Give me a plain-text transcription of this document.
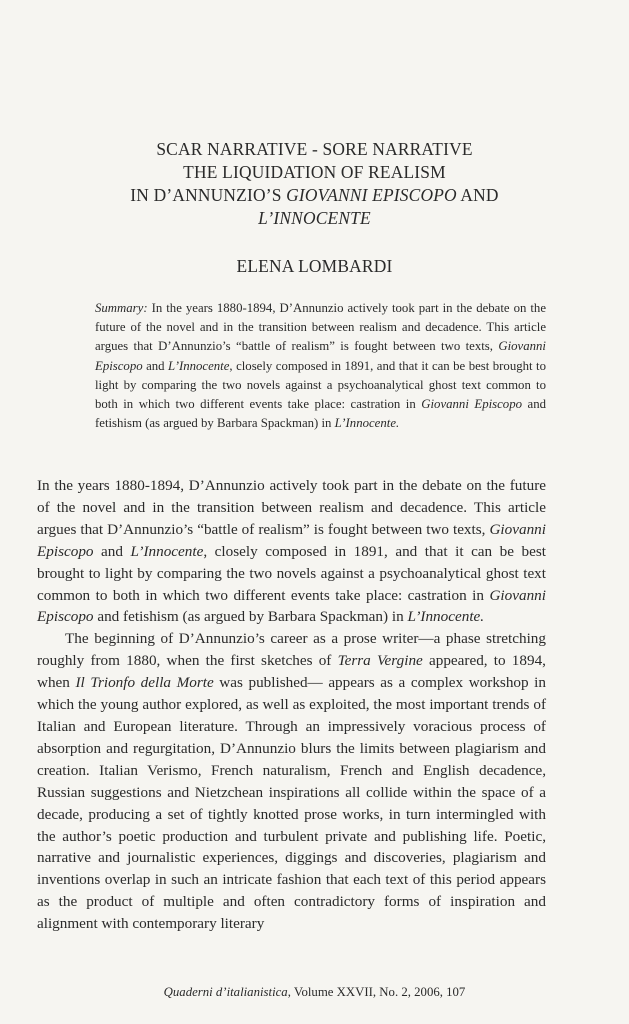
SCAR NARRATIVE - SORE NARRATIVE
THE LIQUIDATION OF REALISM
IN D’ANNUNZIO’S GIOVANNI EPISCOPO AND
L’INNOCENTE
ELENA LOMBARDI
Summary: In the years 1880-1894, D’Annunzio actively took part in the debate on the future of the novel and in the transition between realism and decadence. This article argues that D’Annunzio’s “battle of realism” is fought between two texts, Giovanni Episcopo and L’Innocente, closely composed in 1891, and that it can be best brought to light by comparing the two novels against a psychoanalytical ghost text common to both in which two different events take place: castration in Giovanni Episcopo and fetishism (as argued by Barbara Spackman) in L’Innocente.

In the years 1880-1894, D’Annunzio actively took part in the debate on the future of the novel and in the transition between realism and decadence. This article argues that D’Annunzio’s “battle of realism” is fought between two texts, Giovanni Episcopo and L’Innocente, closely composed in 1891, and that it can be best brought to light by comparing the two novels against a psychoanalytical ghost text common to both in which two different events take place: castration in Giovanni Episcopo and fetishism (as argued by Barbara Spackman) in L’Innocente.

The beginning of D’Annunzio’s career as a prose writer—a phase stretching roughly from 1880, when the first sketches of Terra Vergine appeared, to 1894, when Il Trionfo della Morte was published— appears as a complex workshop in which the young author explored, as well as exploited, the most important trends of Italian and European literature. Through an impressively voracious process of absorption and regurgitation, D’Annunzio blurs the limits between plagiarism and creation. Italian Verismo, French naturalism, French and English decadence, Russian suggestions and Nietzchean inspirations all collide within the space of a decade, producing a set of tightly knotted prose works, in turn intermingled with the author’s poetic production and turbulent private and publishing life. Poetic, narrative and journalistic experiences, diggings and discoveries, plagiarism and inventions overlap in such an intricate fashion that each text of this period appears as the product of multiple and often contradictory forms of inspiration and alignment with contemporary literary

Quaderni d’italianistica, Volume XXVII, No. 2, 2006, 107
